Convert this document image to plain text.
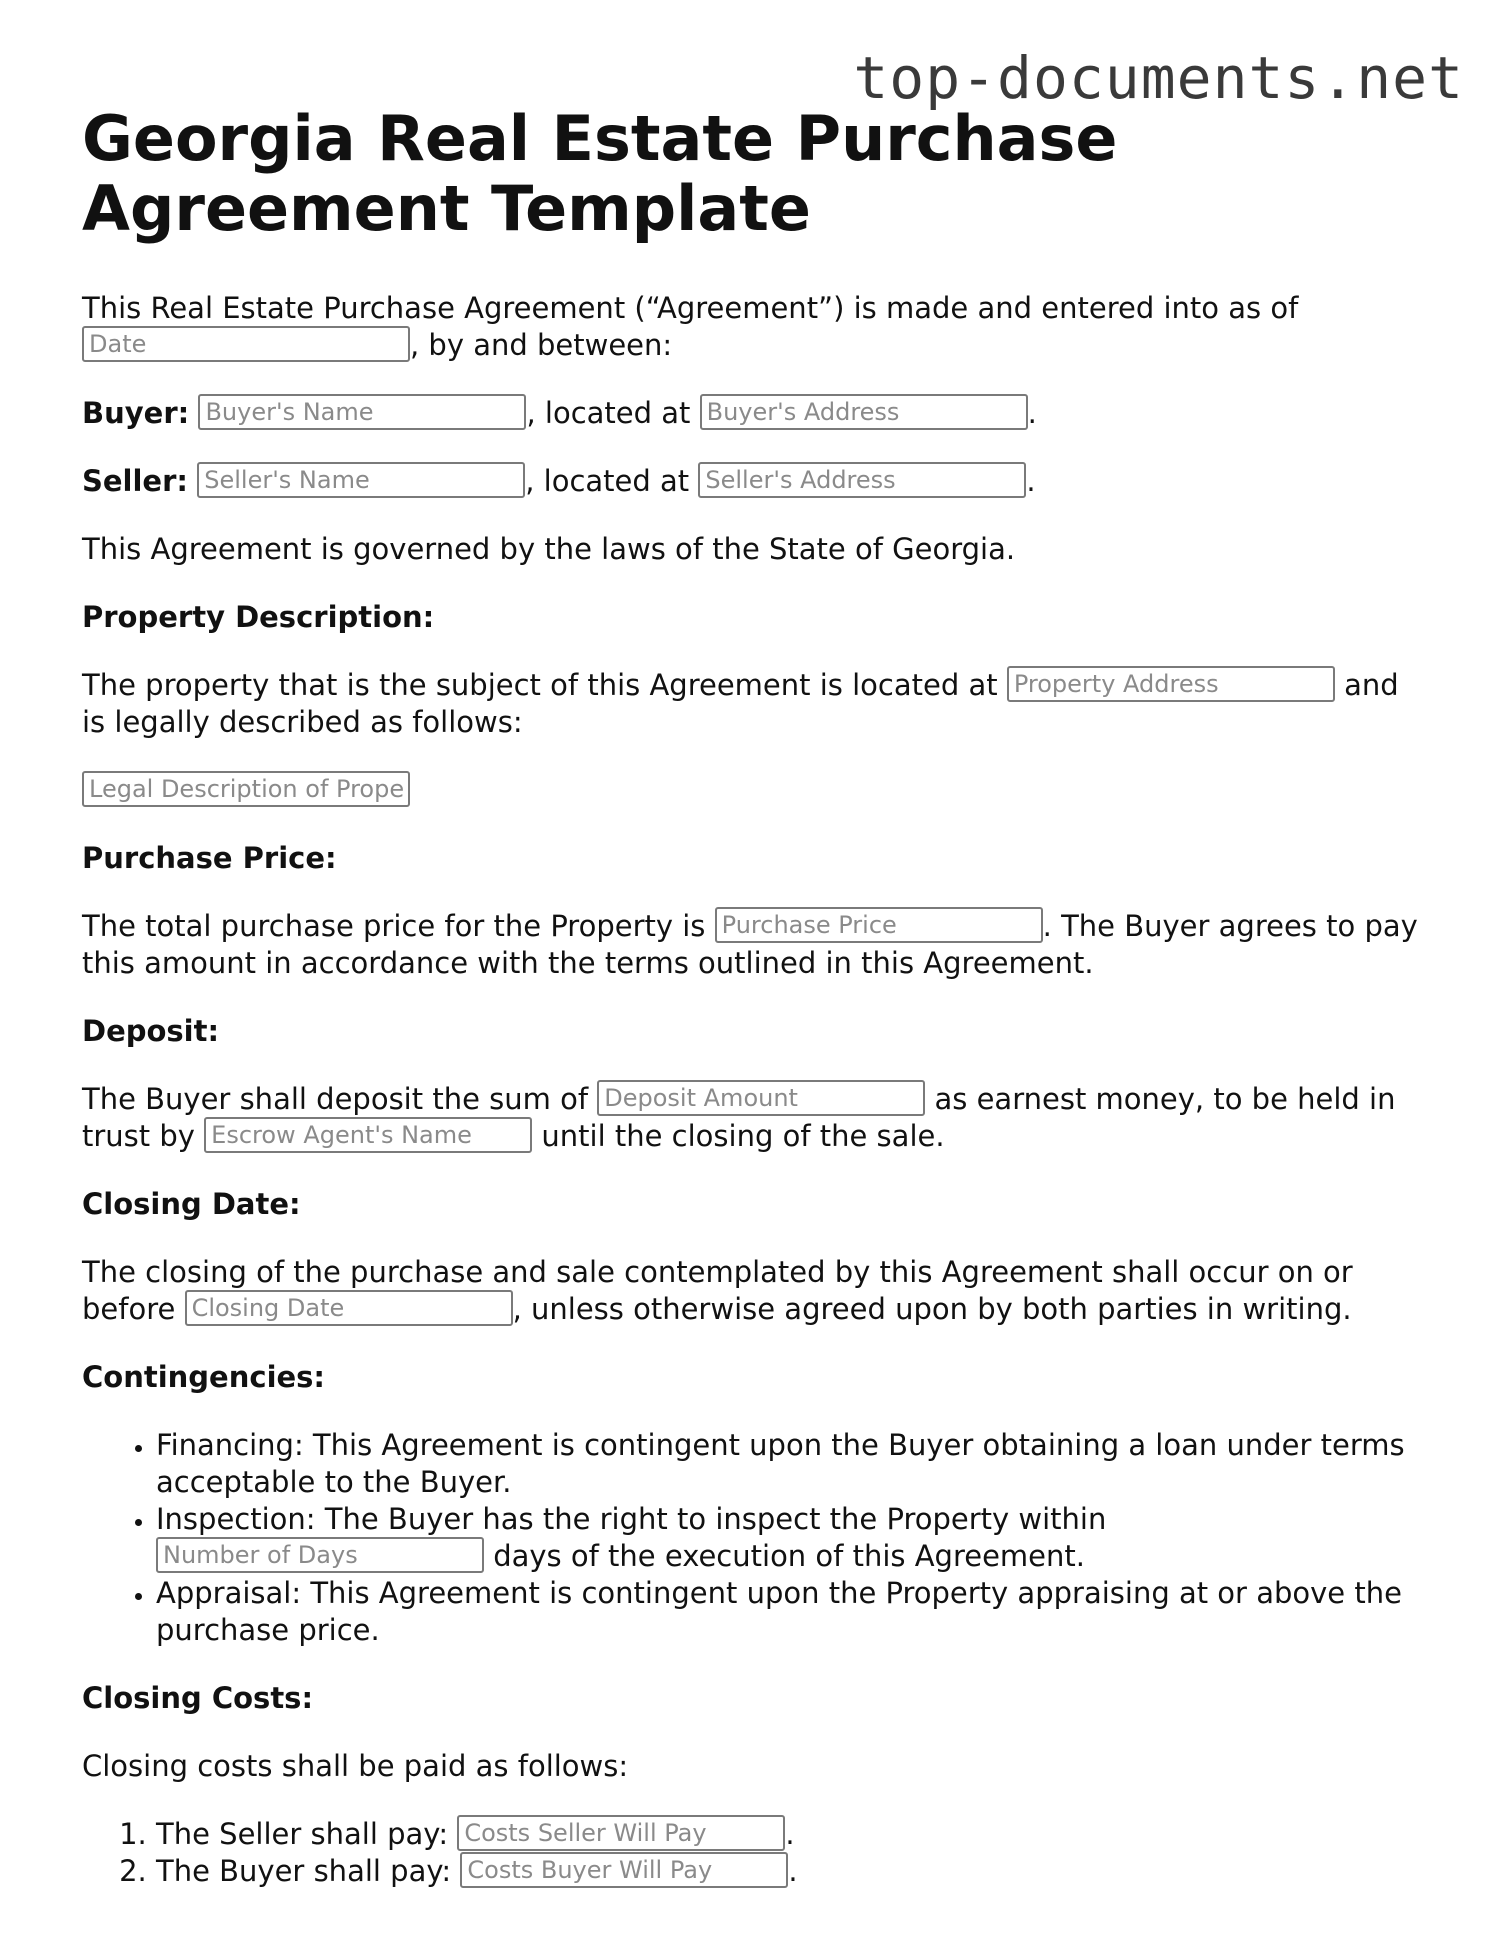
top-documents.net
Georgia Real Estate Purchase Agreement Template

This Real Estate Purchase Agreement (“Agreement”) is made and entered into as of
Date	, by and between:

Buyer: Buyer's Name	, located at Buyer's Address	.

Seller: Seller's Name	, located at Seller's Address	.

This Agreement is governed by the laws of the State of Georgia.

Property Description:

The property that is the subject of this Agreement is located at Property Address	and is legally described as follows:

Legal Description of Prope

Purchase Price:

The total purchase price for the Property is Purchase Price	. The Buyer agrees to pay this amount in accordance with the terms outlined in this Agreement.

Deposit:

The Buyer shall deposit the sum of Deposit Amount	as earnest money, to be held in trust by Escrow Agent's Name until the closing of the sale.

Closing Date:

The closing of the purchase and sale contemplated by this Agreement shall occur on or before Closing Date	, unless otherwise agreed upon by both parties in writing.

Contingencies:
• Financing: This Agreement is contingent upon the Buyer obtaining a loan under terms acceptable to the Buyer.
• Inspection: The Buyer has the right to inspect the Property within
Number of Days	days of the execution of this Agreement.
• Appraisal: This Agreement is contingent upon the Property appraising at or above the purchase price.
Closing Costs:

Closing costs shall be paid as follows:

1. The Seller shall pay: Costs Seller Will Pay	.
2. The Buyer shall pay: Costs Buyer Will Pay	.
